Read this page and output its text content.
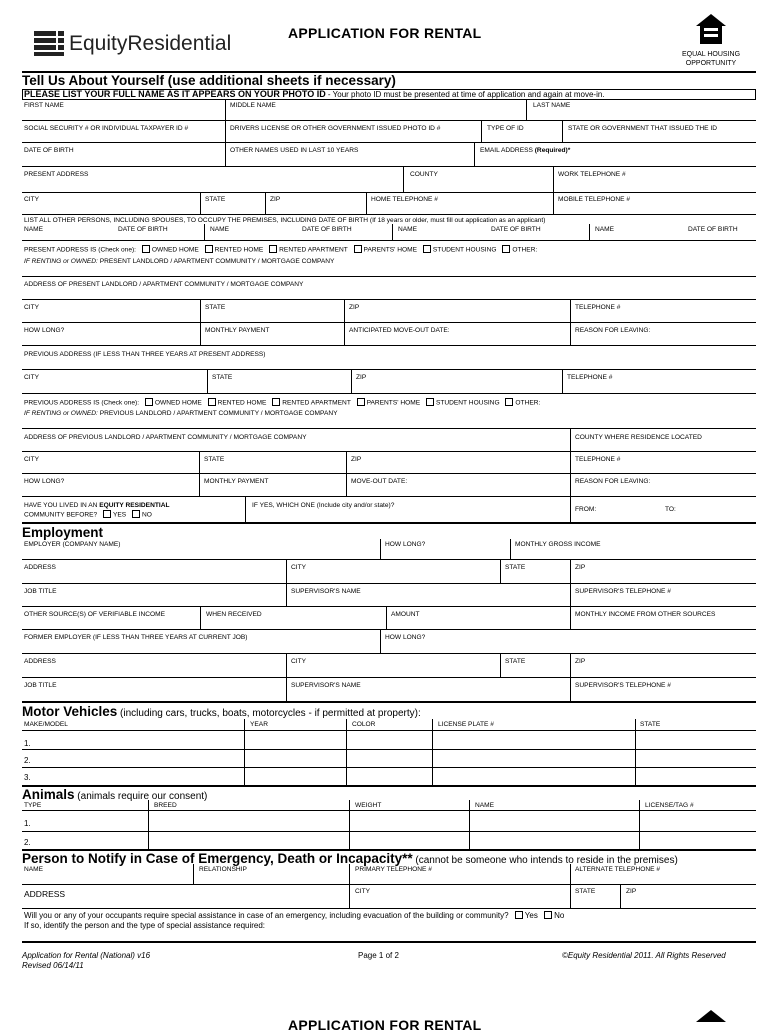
EquityResidential	APPLICATION FOR RENTAL
EQUAL HOUSING
OPPORTUNITY
Tell Us About Yourself (use additional sheets if necessary)
PLEASE LIST YOUR FULL NAME AS IT APPEARS ON YOUR PHOTO ID - Your photo ID must be presented at time of application and again at move-in.
FIRST NAME	MIDDLE NAME	LAST NAME
SOCIAL SECURITY # OR INDIVIDUAL TAXPAYER ID #	DRIVERS LICENSE OR OTHER GOVERNMENT ISSUED PHOTO ID #	TYPE OF ID	STATE OR GOVERNMENT THAT ISSUED THE ID
DATE OF BIRTH	OTHER NAMES USED IN LAST 10 YEARS	EMAIL ADDRESS (Required)*
PRESENT ADDRESS	COUNTY	WORK TELEPHONE #
CITY	STATE	ZIP	HOME TELEPHONE #	MOBILE TELEPHONE #
LIST ALL OTHER PERSONS, INCLUDING SPOUSES, TO OCCUPY THE PREMISES, INCLUDING DATE OF BIRTH (If 18 years or older, must fill out application as an applicant)
NAME	DATE OF BIRTH	NAME	DATE OF BIRTH	NAME	DATE OF BIRTH	NAME	DATE OF BIRTH
PRESENT ADDRESS IS (Check one): OWNED HOME RENTED HOME RENTED APARTMENT PARENTS' HOME STUDENT HOUSING OTHER:
IF RENTING or OWNED: PRESENT LANDLORD / APARTMENT COMMUNITY / MORTGAGE COMPANY
ADDRESS OF PRESENT LANDLORD / APARTMENT COMMUNITY / MORTGAGE COMPANY
CITY	STATE	ZIP	TELEPHONE #
HOW LONG?	MONTHLY PAYMENT	ANTICIPATED MOVE-OUT DATE:	REASON FOR LEAVING:
PREVIOUS ADDRESS (IF LESS THAN THREE YEARS AT PRESENT ADDRESS)
CITY	STATE	ZIP	TELEPHONE #
PREVIOUS ADDRESS IS (Check one): OWNED HOME RENTED HOME RENTED APARTMENT PARENTS' HOME STUDENT HOUSING OTHER:
IF RENTING or OWNED: PREVIOUS LANDLORD / APARTMENT COMMUNITY / MORTGAGE COMPANY
ADDRESS OF PREVIOUS LANDLORD / APARTMENT COMMUNITY / MORTGAGE COMPANY	COUNTY WHERE RESIDENCE LOCATED
CITY	STATE	ZIP	TELEPHONE #
HOW LONG?	MONTHLY PAYMENT	MOVE-OUT DATE:	REASON FOR LEAVING:
HAVE YOU LIVED IN AN EQUITY RESIDENTIAL
COMMUNITY BEFORE? YES NO
IF YES, WHICH ONE (Include city and/or state)?
FROM:	TO:
Employment
EMPLOYER (COMPANY NAME)	HOW LONG?	MONTHLY GROSS INCOME
ADDRESS	CITY	STATE	ZIP
JOB TITLE	SUPERVISOR'S NAME	SUPERVISOR'S TELEPHONE #
OTHER SOURCE(S) OF VERIFIABLE INCOME	WHEN RECEIVED	AMOUNT	MONTHLY INCOME FROM OTHER SOURCES
FORMER EMPLOYER (IF LESS THAN THREE YEARS AT CURRENT JOB)	HOW LONG?
ADDRESS	CITY	STATE	ZIP
JOB TITLE	SUPERVISOR'S NAME	SUPERVISOR'S TELEPHONE #
Motor Vehicles (including cars, trucks, boats, motorcycles - if permitted at property):
MAKE/MODEL	YEAR	COLOR	LICENSE PLATE #	STATE
1.
2.
3.
Animals (animals require our consent)
TYPE	BREED	WEIGHT	NAME	LICENSE/TAG #
1.
2.
Person to Notify in Case of Emergency, Death or Incapacity** (cannot be someone who intends to reside in the premises)
NAME	RELATIONSHIP	PRIMARY TELEPHONE #	ALTERNATE TELEPHONE #
ADDRESS	CITY	STATE	ZIP
Will you or any of your occupants require special assistance in case of an emergency, including evacuation of the building or community? Yes No
If so, identify the person and the type of special assistance required:
Application for Rental (National) v16
Revised 06/14/11
Page 1 of 2	©Equity Residential 2011. All Rights Reserved
APPLICATION FOR RENTAL
